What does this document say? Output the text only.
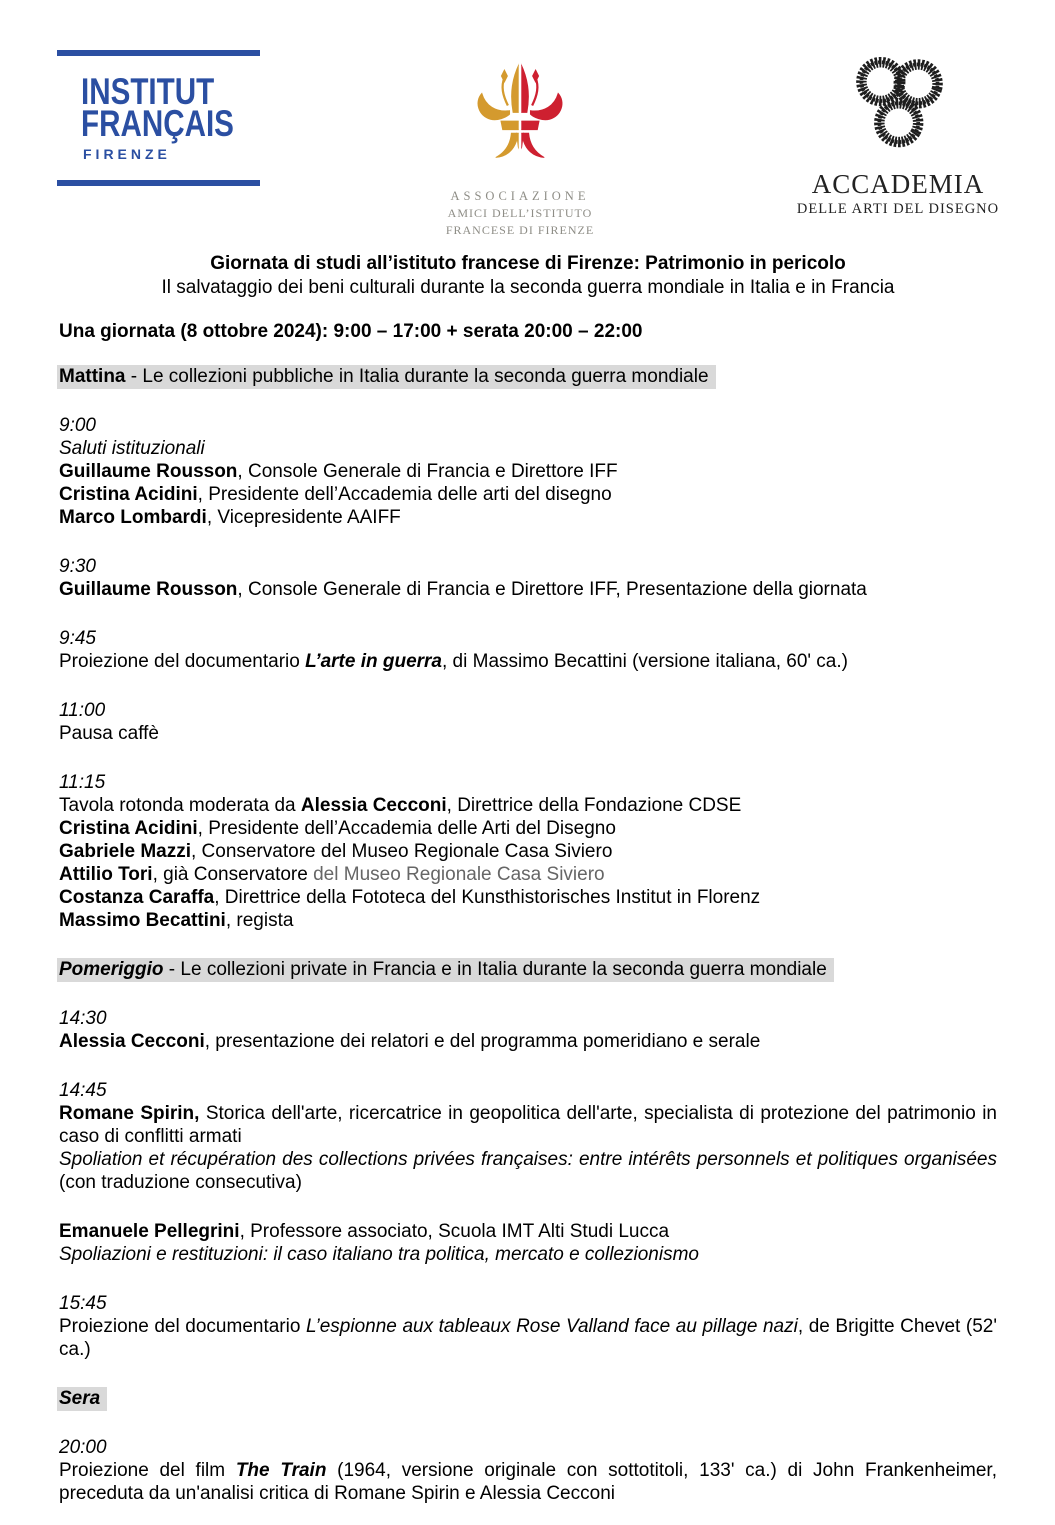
INSTITUT
FRANÇAIS
FIRENZE
ASSOCIAZIONE
AMICI DELL’ISTITUTO
FRANCESE DI FIRENZE
ACCADEMIA
DELLE ARTI DEL DISEGNO

Giornata di studi all’istituto francese di Firenze: Patrimonio in pericolo

Il salvataggio dei beni culturali durante la seconda guerra mondiale in Italia e in Francia

Una giornata (8 ottobre 2024): 9:00 – 17:00 + serata 20:00 – 22:00

Mattina - Le collezioni pubbliche in Italia durante la seconda guerra mondiale

9:00

Saluti istituzionali

Guillaume Rousson, Console Generale di Francia e Direttore IFF

Cristina Acidini, Presidente dell’Accademia delle arti del disegno

Marco Lombardi, Vicepresidente AAIFF

9:30

Guillaume Rousson, Console Generale di Francia e Direttore IFF, Presentazione della giornata

9:45

Proiezione del documentario L’arte in guerra, di Massimo Becattini (versione italiana, 60' ca.)

11:00

Pausa caffè

11:15

Tavola rotonda moderata da Alessia Cecconi, Direttrice della Fondazione CDSE

Cristina Acidini, Presidente dell’Accademia delle Arti del Disegno

Gabriele Mazzi, Conservatore del Museo Regionale Casa Siviero

Attilio Tori, già Conservatore del Museo Regionale Casa Siviero

Costanza Caraffa, Direttrice della Fototeca del Kunsthistorisches Institut in Florenz

Massimo Becattini, regista

Pomeriggio - Le collezioni private in Francia e in Italia durante la seconda guerra mondiale

14:30

Alessia Cecconi, presentazione dei relatori e del programma pomeridiano e serale

14:45

Romane Spirin, Storica dell'arte, ricercatrice in geopolitica dell'arte, specialista di protezione del patrimonio in caso di conflitti armati

Spoliation et récupération des collections privées françaises: entre intérêts personnels et politiques organisées (con traduzione consecutiva)

Emanuele Pellegrini, Professore associato, Scuola IMT Alti Studi Lucca

Spoliazioni e restituzioni: il caso italiano tra politica, mercato e collezionismo

15:45

Proiezione del documentario L’espionne aux tableaux Rose Valland face au pillage nazi, de Brigitte Chevet (52' ca.)

Sera

20:00

Proiezione del film The Train (1964, versione originale con sottotitoli, 133' ca.) di John Frankenheimer, preceduta da un'analisi critica di Romane Spirin e Alessia Cecconi
